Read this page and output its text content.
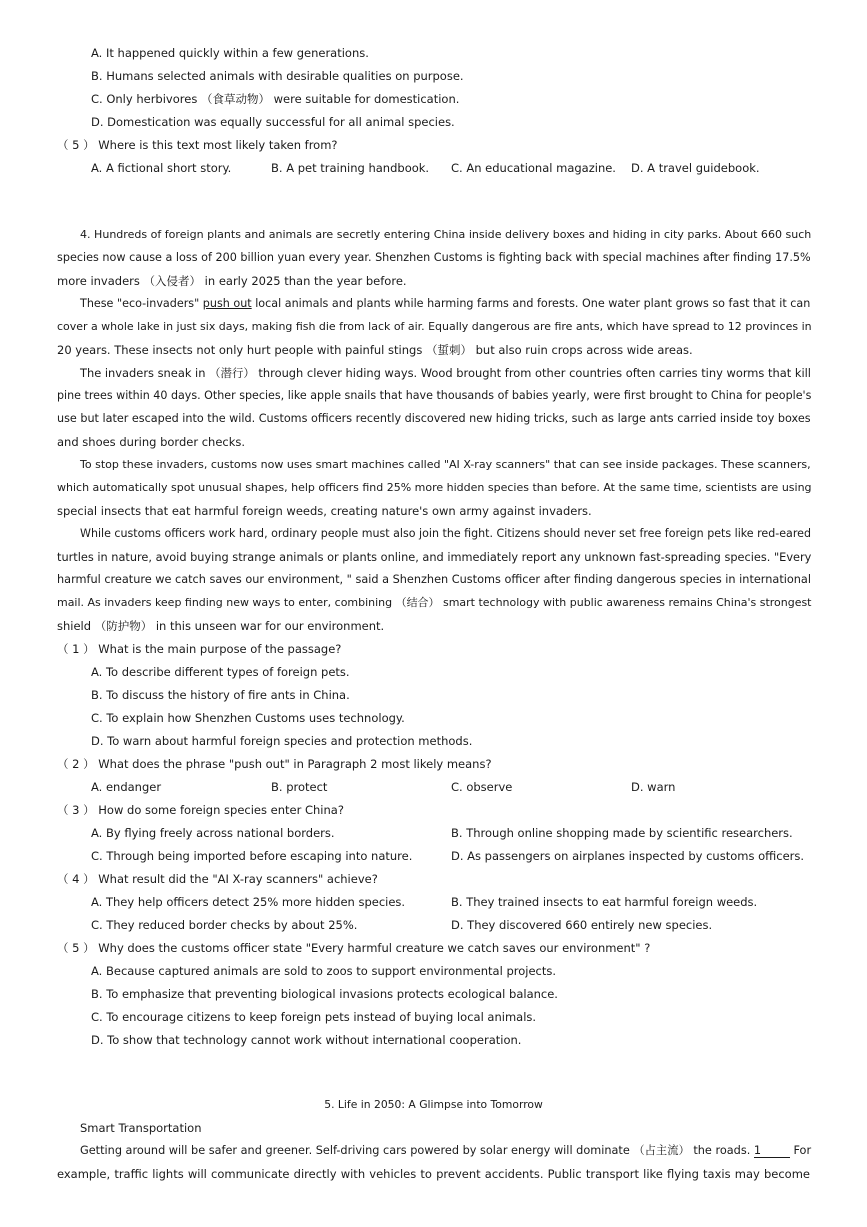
A. It happened quickly within a few generations.
B. Humans selected animals with desirable qualities on purpose.
C. Only herbivores （食草动物） were suitable for domestication.
D. Domestication was equally successful for all animal species.
（ 5 ） Where is this text most likely taken from?
A. A fictional short story.	B. A pet training handbook. C. An educational magazine. D. A travel guidebook.
4. Hundreds of foreign plants and animals are secretly entering China inside delivery boxes and hiding in city parks. About 660 such
species now cause a loss of 200 billion yuan every year. Shenzhen Customs is fighting back with special machines after finding 17.5%
more invaders （入侵者） in early 2025 than the year before.
These "eco-invaders" push out local animals and plants while harming farms and forests. One water plant grows so fast that it can
cover a whole lake in just six days, making fish die from lack of air. Equally dangerous are fire ants, which have spread to 12 provinces in
20 years. These insects not only hurt people with painful stings （蜇刺） but also ruin crops across wide areas.
The invaders sneak in （潜行） through clever hiding ways. Wood brought from other countries often carries tiny worms that kill
pine trees within 40 days. Other species, like apple snails that have thousands of babies yearly, were first brought to China for people's
use but later escaped into the wild. Customs officers recently discovered new hiding tricks, such as large ants carried inside toy boxes
and shoes during border checks.
To stop these invaders, customs now uses smart machines called "AI X-ray scanners" that can see inside packages. These scanners,
which automatically spot unusual shapes, help officers find 25% more hidden species than before. At the same time, scientists are using
special insects that eat harmful foreign weeds, creating nature's own army against invaders.
While customs officers work hard, ordinary people must also join the fight. Citizens should never set free foreign pets like red-eared
turtles in nature, avoid buying strange animals or plants online, and immediately report any unknown fast-spreading species. "Every
harmful creature we catch saves our environment, " said a Shenzhen Customs officer after finding dangerous species in international
mail. As invaders keep finding new ways to enter, combining （结合） smart technology with public awareness remains China's strongest
shield （防护物） in this unseen war for our environment.
（ 1 ） What is the main purpose of the passage?
A. To describe different types of foreign pets.
B. To discuss the history of fire ants in China.
C. To explain how Shenzhen Customs uses technology.
D. To warn about harmful foreign species and protection methods.
（ 2 ） What does the phrase "push out" in Paragraph 2 most likely means?
A. endanger	B. protect	C. observe	D. warn
（ 3 ） How do some foreign species enter China?
A. By flying freely across national borders.	B. Through online shopping made by scientific researchers.
C. Through being imported before escaping into nature.	D. As passengers on airplanes inspected by customs officers.
（ 4 ） What result did the "AI X-ray scanners" achieve?
A. They help officers detect 25% more hidden species.	B. They trained insects to eat harmful foreign weeds.
C. They reduced border checks by about 25%.	D. They discovered 660 entirely new species.
（ 5 ） Why does the customs officer state "Every harmful creature we catch saves our environment" ?
A. Because captured animals are sold to zoos to support environmental projects.
B. To emphasize that preventing biological invasions protects ecological balance.
C. To encourage citizens to keep foreign pets instead of buying local animals.
D. To show that technology cannot work without international cooperation.
5. Life in 2050: A Glimpse into Tomorrow
Smart Transportation
Getting around will be safer and greener. Self-driving cars powered by solar energy will dominate （占主流） the roads. 1	For
example, traffic lights will communicate directly with vehicles to prevent accidents. Public transport like flying taxis may become
